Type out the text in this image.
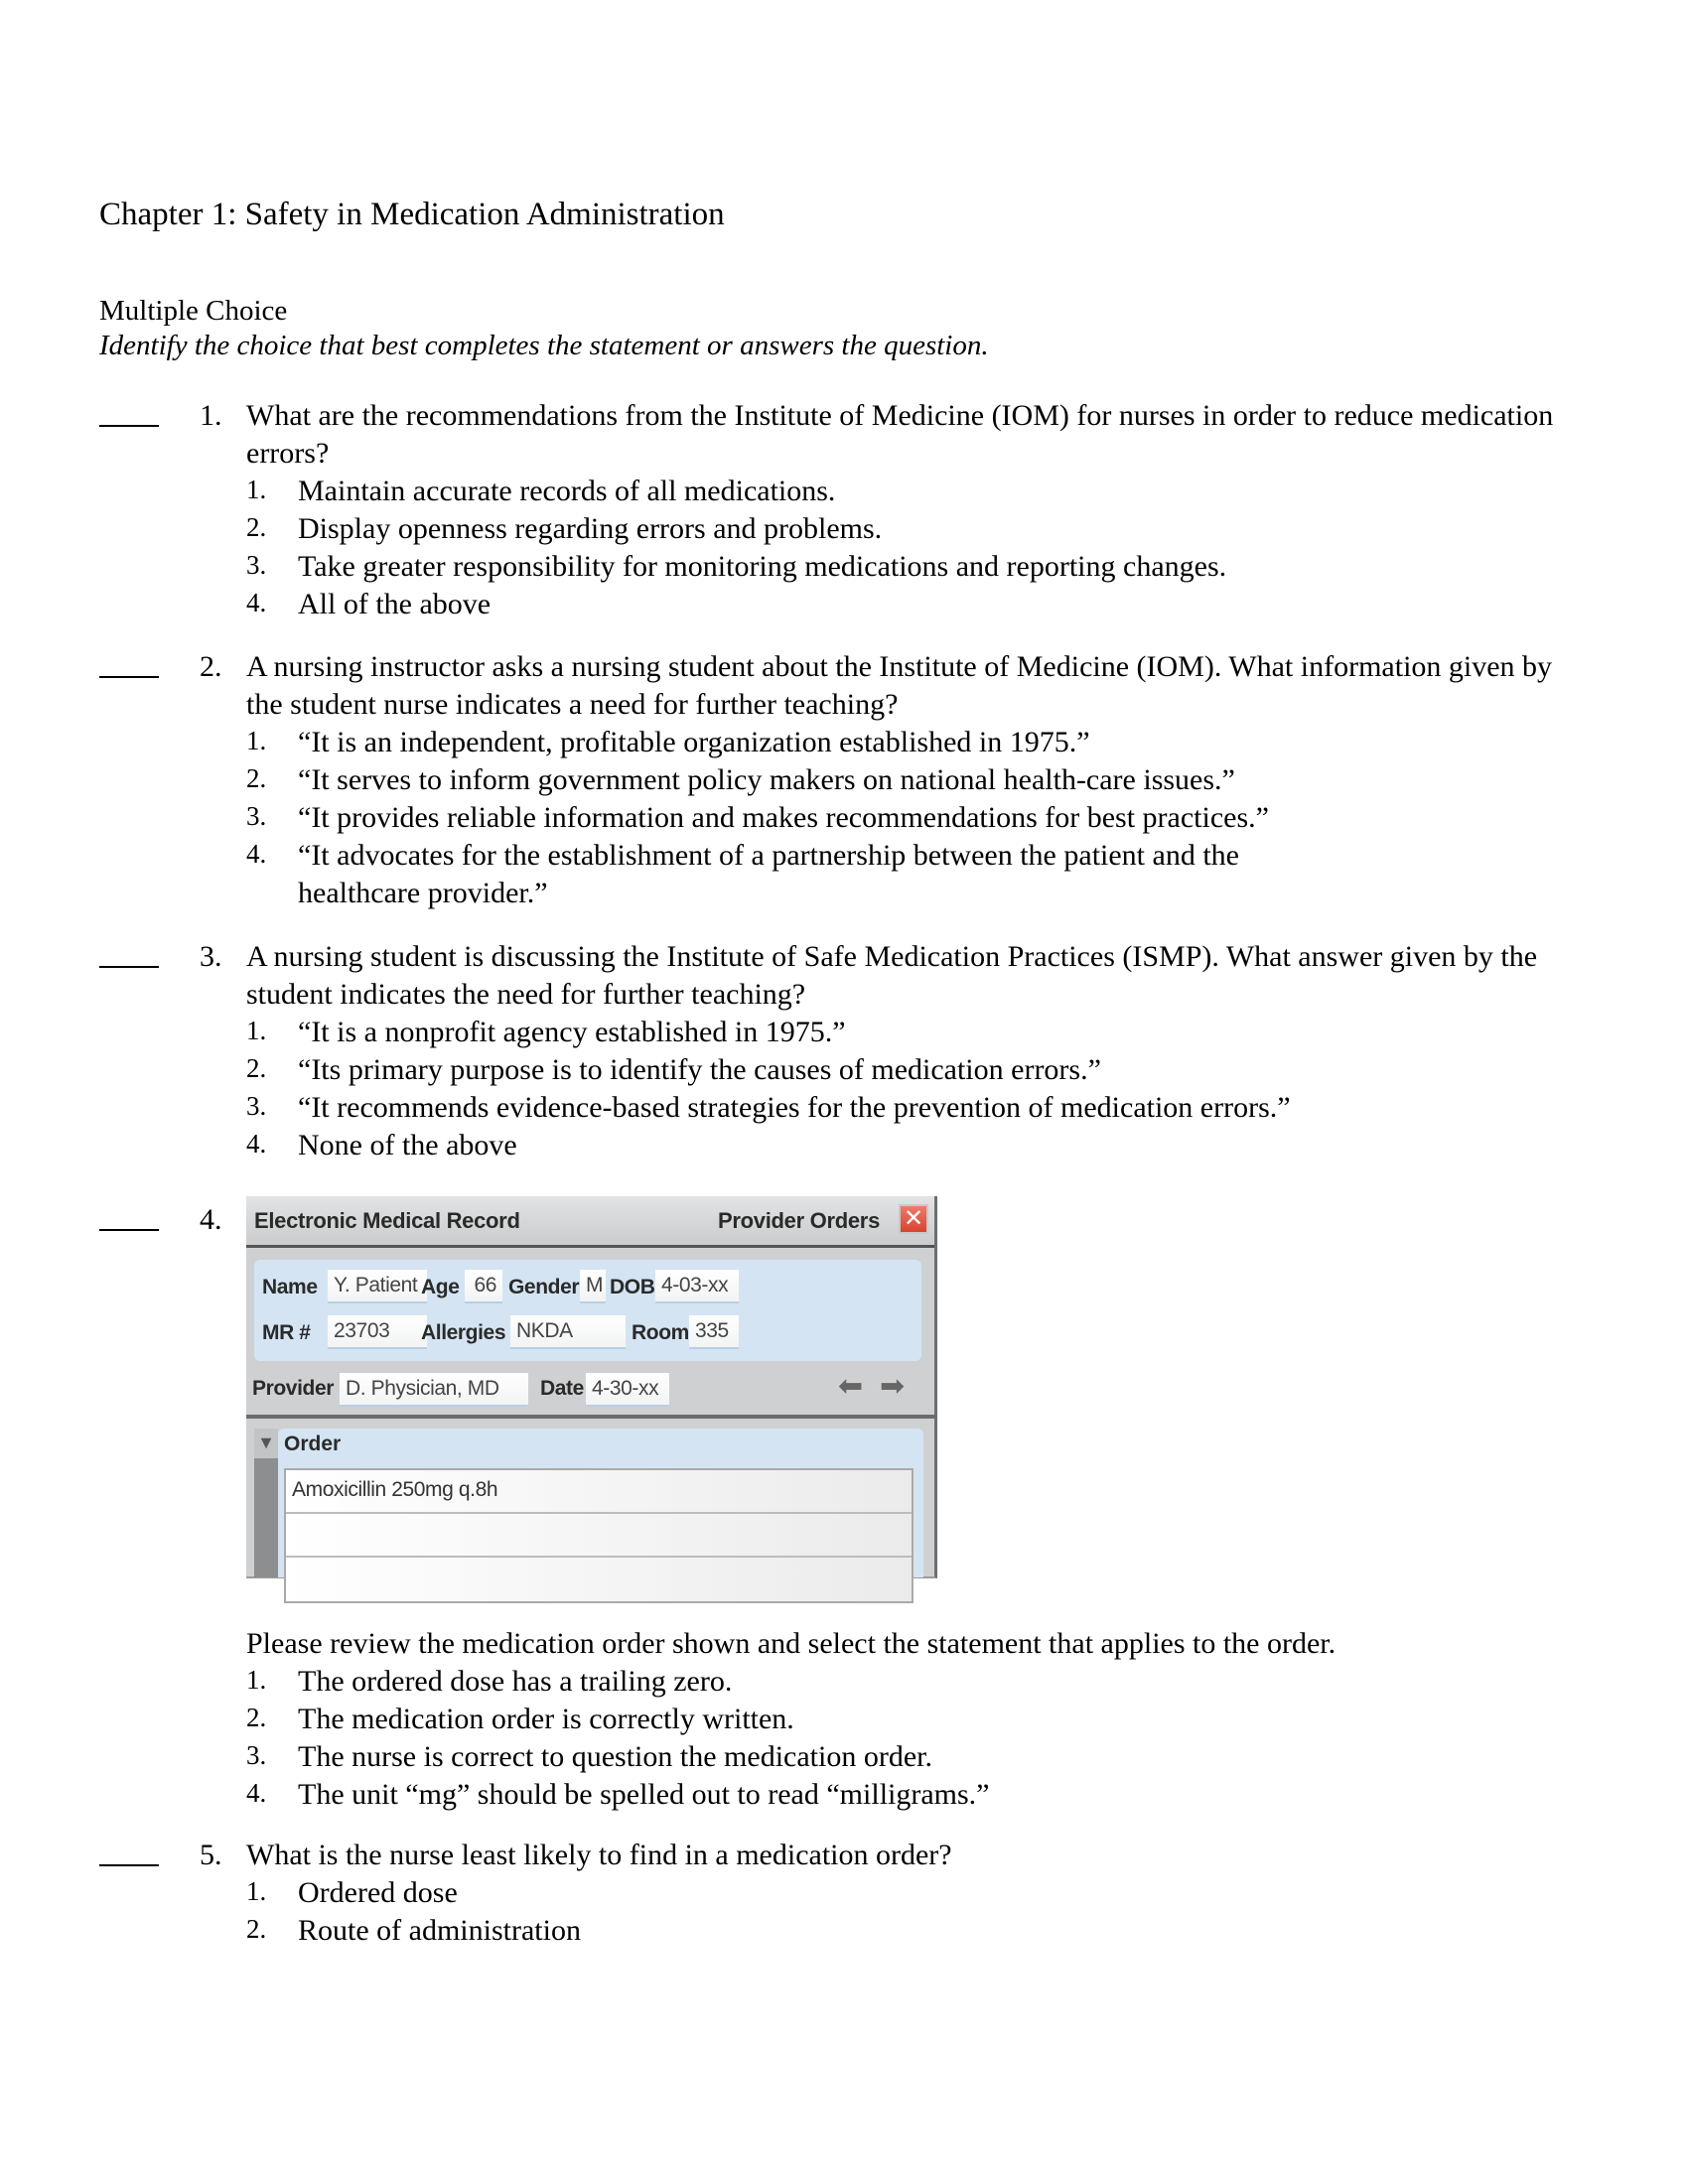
Chapter 1: Safety in Medication Administration
Multiple Choice
Identify the choice that best completes the statement or answers the question.
1. What are the recommendations from the Institute of Medicine (IOM) for nurses in order to reduce medication errors?
1. Maintain accurate records of all medications.
2. Display openness regarding errors and problems.
3. Take greater responsibility for monitoring medications and reporting changes.
4. All of the above
2. A nursing instructor asks a nursing student about the Institute of Medicine (IOM). What information given by the student nurse indicates a need for further teaching?
1. “It is an independent, profitable organization established in 1975.”
2. “It serves to inform government policy makers on national health-care issues.”
3. “It provides reliable information and makes recommendations for best practices.”
4. “It advocates for the establishment of a partnership between the patient and the healthcare provider.”
3. A nursing student is discussing the Institute of Safe Medication Practices (ISMP). What answer given by the student indicates the need for further teaching?
1. “It is a nonprofit agency established in 1975.”
2. “Its primary purpose is to identify the causes of medication errors.”
3. “It recommends evidence-based strategies for the prevention of medication errors.”
4. None of the above
4. Electronic Medical Record	Provider Orders ✕
Name Y. Patient Age 66 Gender M DOB 4-03-xx
MR # 23703	Allergies NKDA	Room 335
Provider D. Physician, MD	Date 4-30-xx	⬅ ➡
▼ Order
Amoxicillin 250mg q.8h
Please review the medication order shown and select the statement that applies to the order.
1. The ordered dose has a trailing zero.
2. The medication order is correctly written.
3. The nurse is correct to question the medication order.
4. The unit “mg” should be spelled out to read “milligrams.”
5. What is the nurse least likely to find in a medication order?
1. Ordered dose
2. Route of administration
